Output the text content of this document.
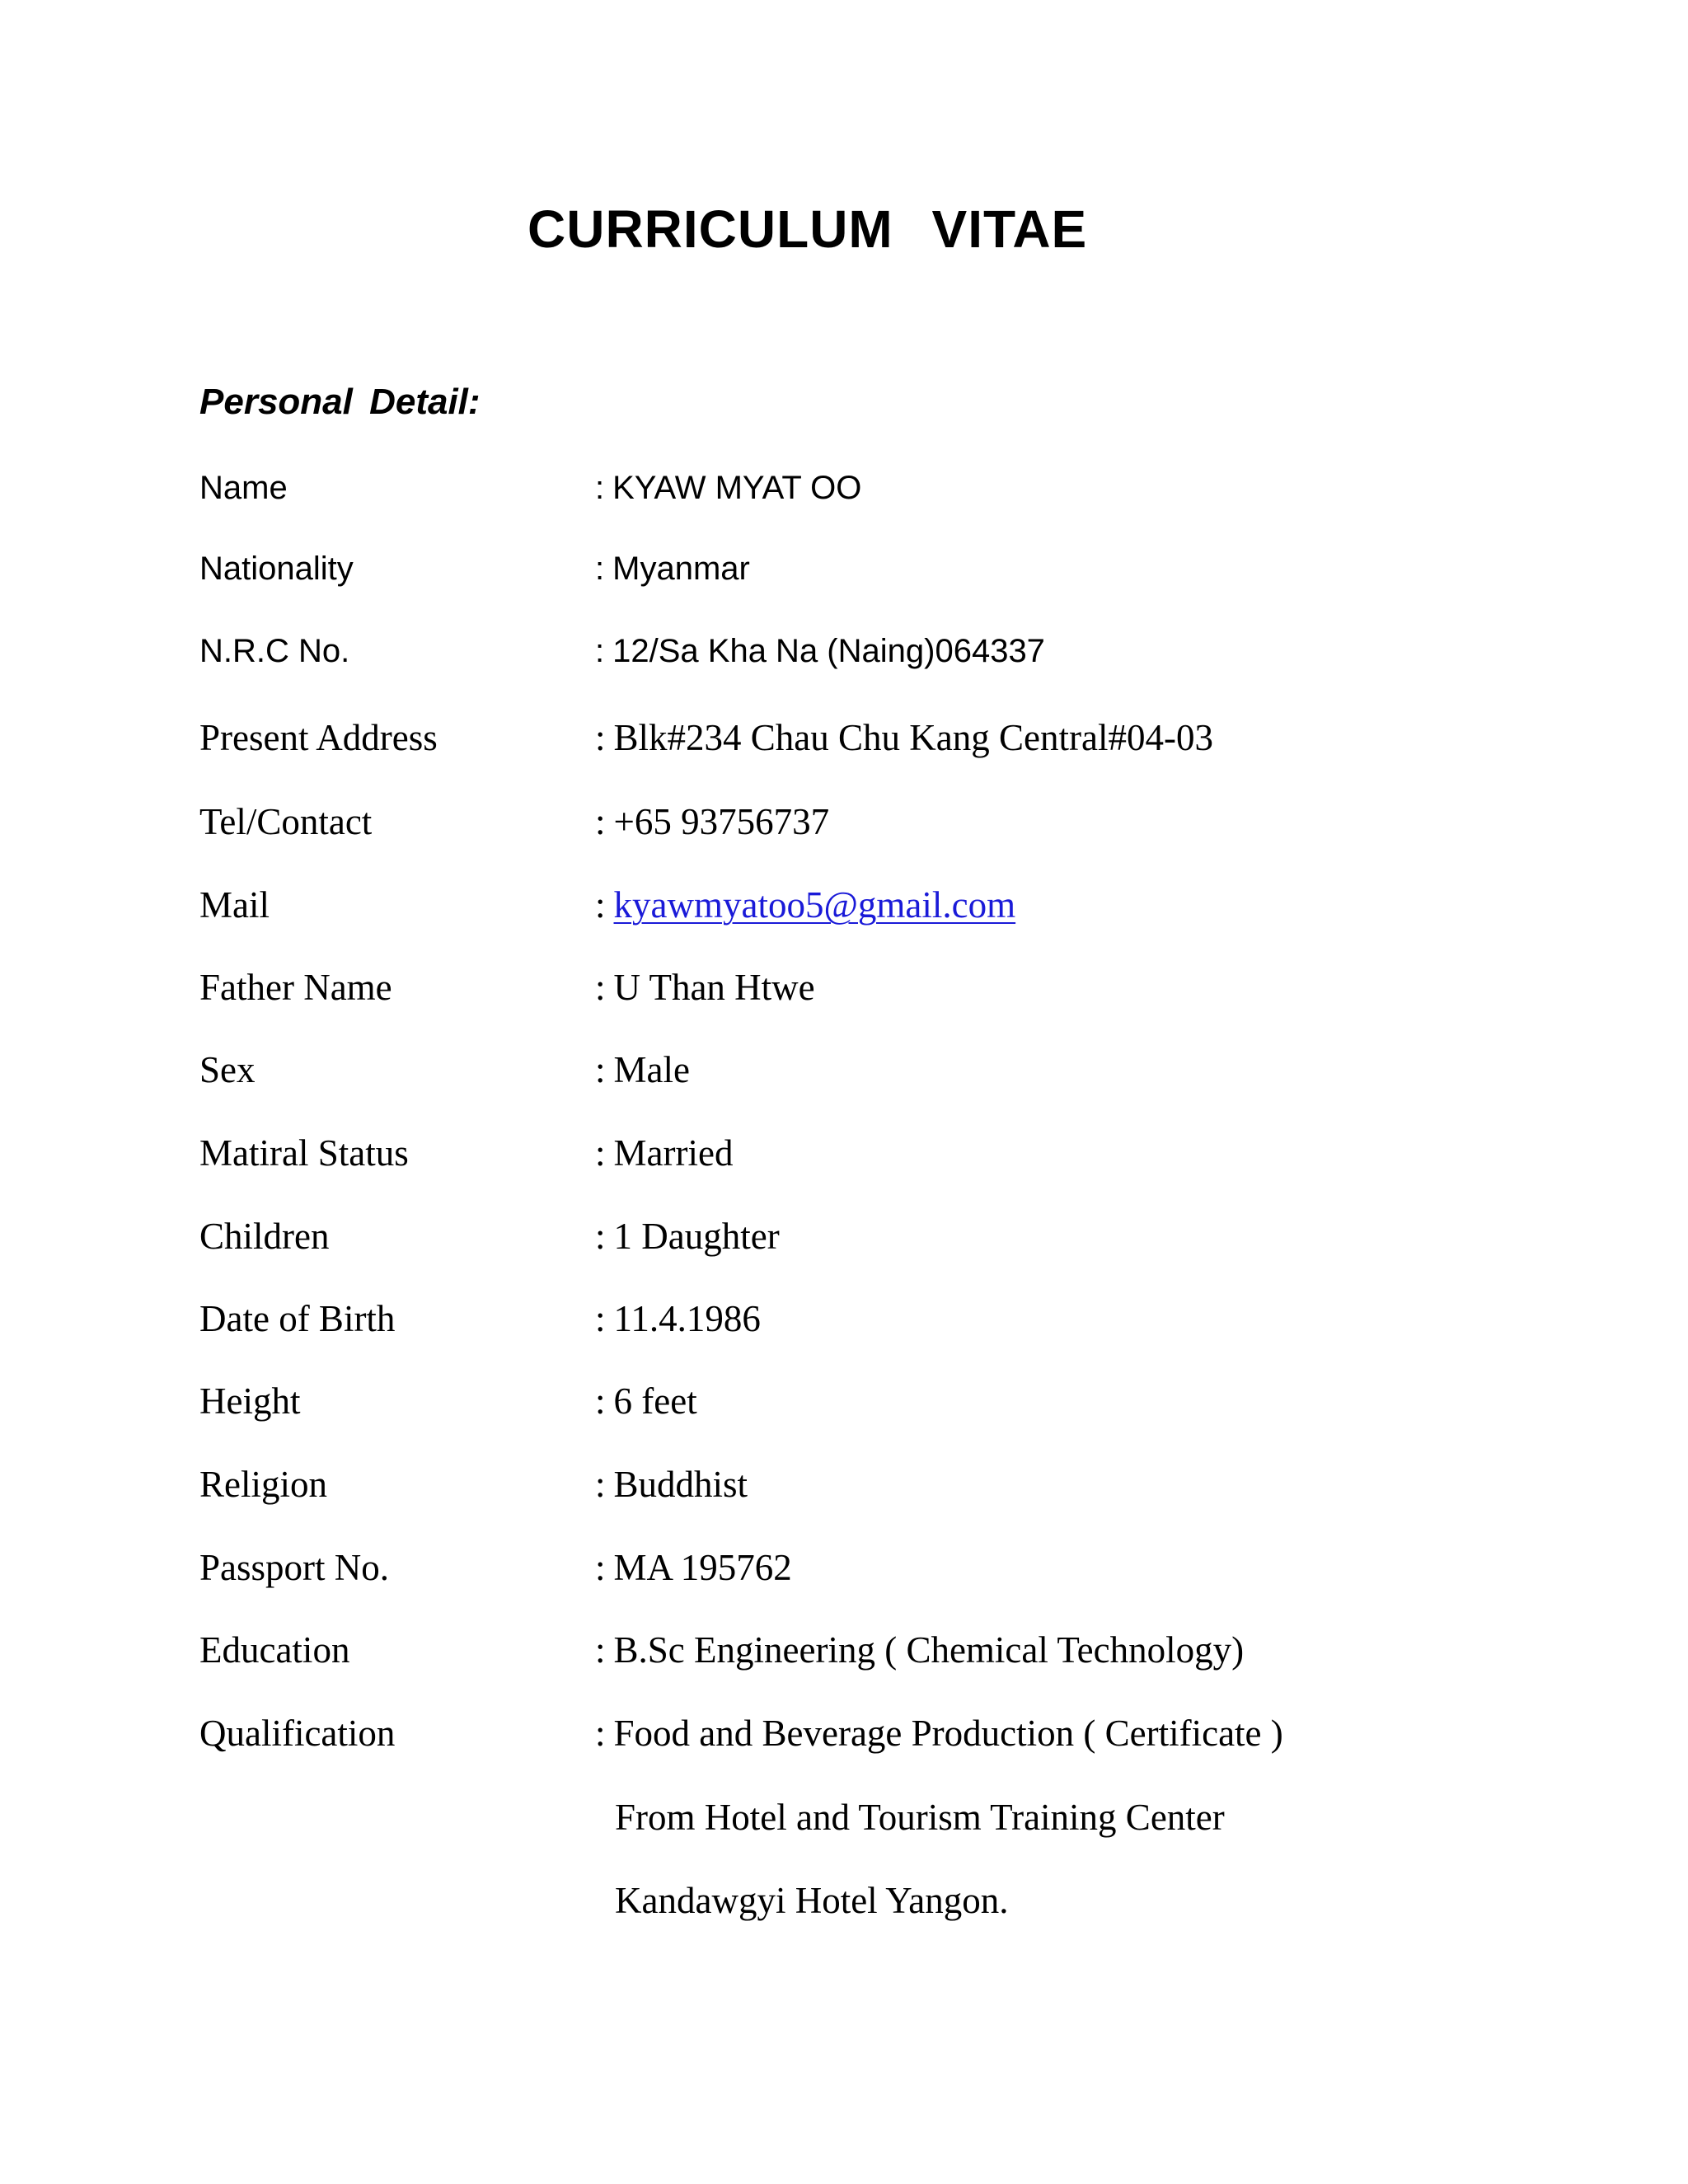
CURRICULUM VITAE
Personal Detail:
Name	: KYAW MYAT OO
Nationality	: Myanmar
N.R.C No.	: 12/Sa Kha Na (Naing)064337
Present Address	: Blk#234 Chau Chu Kang Central#04-03
Tel/Contact	: +65 93756737
Mail	: kyawmyatoo5@gmail.com
Father Name	: U Than Htwe
Sex	: Male
Matiral Status	: Married
Children	: 1 Daughter
Date of Birth	: 11.4.1986
Height	: 6 feet
Religion	: Buddhist
Passport No.	: MA 195762
Education	: B.Sc Engineering ( Chemical Technology)
Qualification	: Food and Beverage Production ( Certificate )
From Hotel and Tourism Training Center
Kandawgyi Hotel Yangon.
